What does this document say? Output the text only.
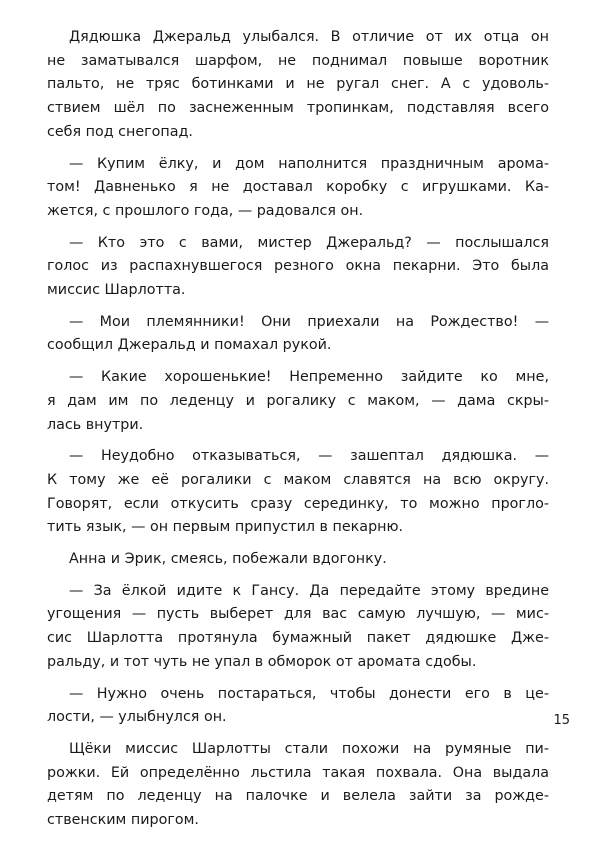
Дядюшка Джеральд улыбался. В отличие от их отца он
не заматывался шарфом, не поднимал повыше воротник
пальто, не тряс ботинками и не ругал снег. А с удоволь-
ствием шёл по заснеженным тропинкам, подставляя всего
себя под снегопад.

— Купим ёлку, и дом наполнится праздничным арома-
том! Давненько я не доставал коробку с игрушками. Ка-
жется, с прошлого года, — радовался он.

— Кто это с вами, мистер Джеральд? — послышался
голос из распахнувшегося резного окна пекарни. Это была
миссис Шарлотта.

— Мои племянники! Они приехали на Рождество! —
сообщил Джеральд и помахал рукой.

— Какие хорошенькие! Непременно зайдите ко мне,
я дам им по леденцу и рогалику с маком, — дама скры-
лась внутри.

— Неудобно отказываться, — зашептал дядюшка. —
К тому же её рогалики с маком славятся на всю округу.
Говорят, если откусить сразу серединку, то можно прогло-
тить язык, — он первым припустил в пекарню.

Анна и Эрик, смеясь, побежали вдогонку.

— За ёлкой идите к Гансу. Да передайте этому вредине
угощения — пусть выберет для вас самую лучшую, — мис-
сис Шарлотта протянула бумажный пакет дядюшке Дже-
ральду, и тот чуть не упал в обморок от аромата сдобы.

— Нужно очень постараться, чтобы донести его в це-
лости, — улыбнулся он.

Щёки миссис Шарлотты стали похожи на румяные пи-
рожки. Ей определённо льстила такая похвала. Она выдала
детям по леденцу на палочке и велела зайти за рожде-
ственским пирогом.

15
